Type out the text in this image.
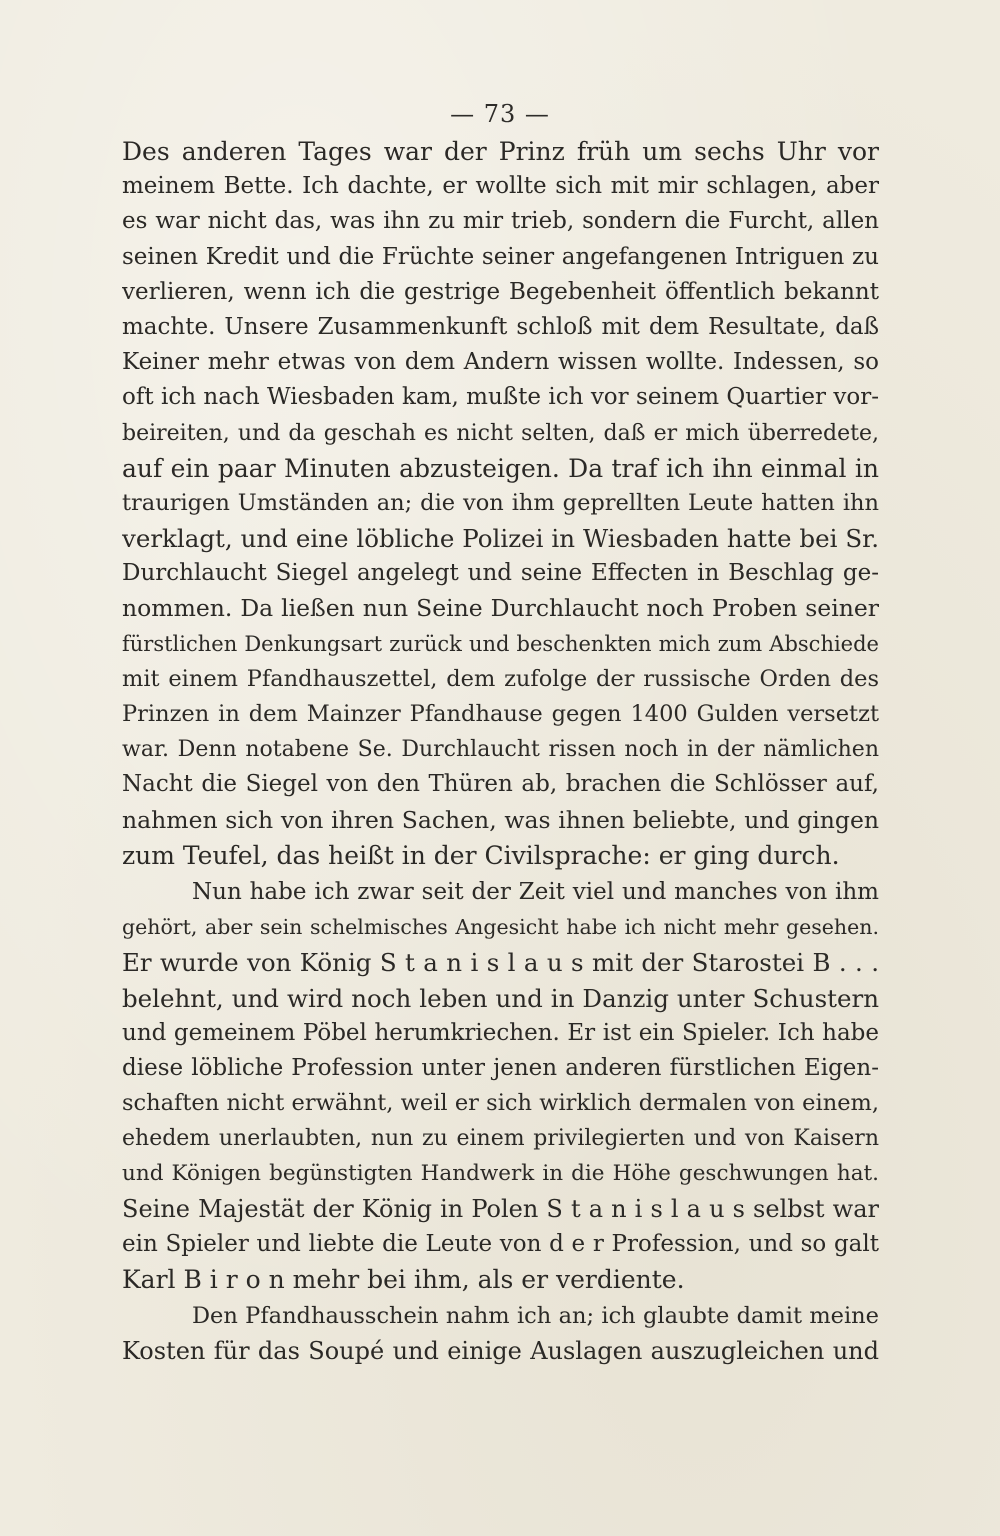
— 73 —
Des anderen Tages war der Prinz früh um sechs Uhr vor
meinem Bette. Ich dachte, er wollte sich mit mir schlagen, aber
es war nicht das, was ihn zu mir trieb, sondern die Furcht, allen
seinen Kredit und die Früchte seiner angefangenen Intriguen zu
verlieren, wenn ich die gestrige Begebenheit öffentlich bekannt
machte. Unsere Zusammenkunft schloß mit dem Resultate, daß
Keiner mehr etwas von dem Andern wissen wollte. Indessen, so
oft ich nach Wiesbaden kam, mußte ich vor seinem Quartier vor-
beireiten, und da geschah es nicht selten, daß er mich überredete,
auf ein paar Minuten abzusteigen. Da traf ich ihn einmal in
traurigen Umständen an; die von ihm geprellten Leute hatten ihn
verklagt, und eine löbliche Polizei in Wiesbaden hatte bei Sr.
Durchlaucht Siegel angelegt und seine Effecten in Beschlag ge-
nommen. Da ließen nun Seine Durchlaucht noch Proben seiner
fürstlichen Denkungsart zurück und beschenkten mich zum Abschiede
mit einem Pfandhauszettel, dem zufolge der russische Orden des
Prinzen in dem Mainzer Pfandhause gegen 1400 Gulden versetzt
war. Denn notabene Se. Durchlaucht rissen noch in der nämlichen
Nacht die Siegel von den Thüren ab, brachen die Schlösser auf,
nahmen sich von ihren Sachen, was ihnen beliebte, und gingen
zum Teufel, das heißt in der Civilsprache: er ging durch.
Nun habe ich zwar seit der Zeit viel und manches von ihm
gehört, aber sein schelmisches Angesicht habe ich nicht mehr gesehen.
Er wurde von König S t a n i s l a u s mit der Starostei B . . .
belehnt, und wird noch leben und in Danzig unter Schustern
und gemeinem Pöbel herumkriechen. Er ist ein Spieler. Ich habe
diese löbliche Profession unter jenen anderen fürstlichen Eigen-
schaften nicht erwähnt, weil er sich wirklich dermalen von einem,
ehedem unerlaubten, nun zu einem privilegierten und von Kaisern
und Königen begünstigten Handwerk in die Höhe geschwungen hat.
Seine Majestät der König in Polen S t a n i s l a u s selbst war
ein Spieler und liebte die Leute von d e r Profession, und so galt
Karl B i r o n mehr bei ihm, als er verdiente.
Den Pfandhausschein nahm ich an; ich glaubte damit meine
Kosten für das Soupé und einige Auslagen auszugleichen und
